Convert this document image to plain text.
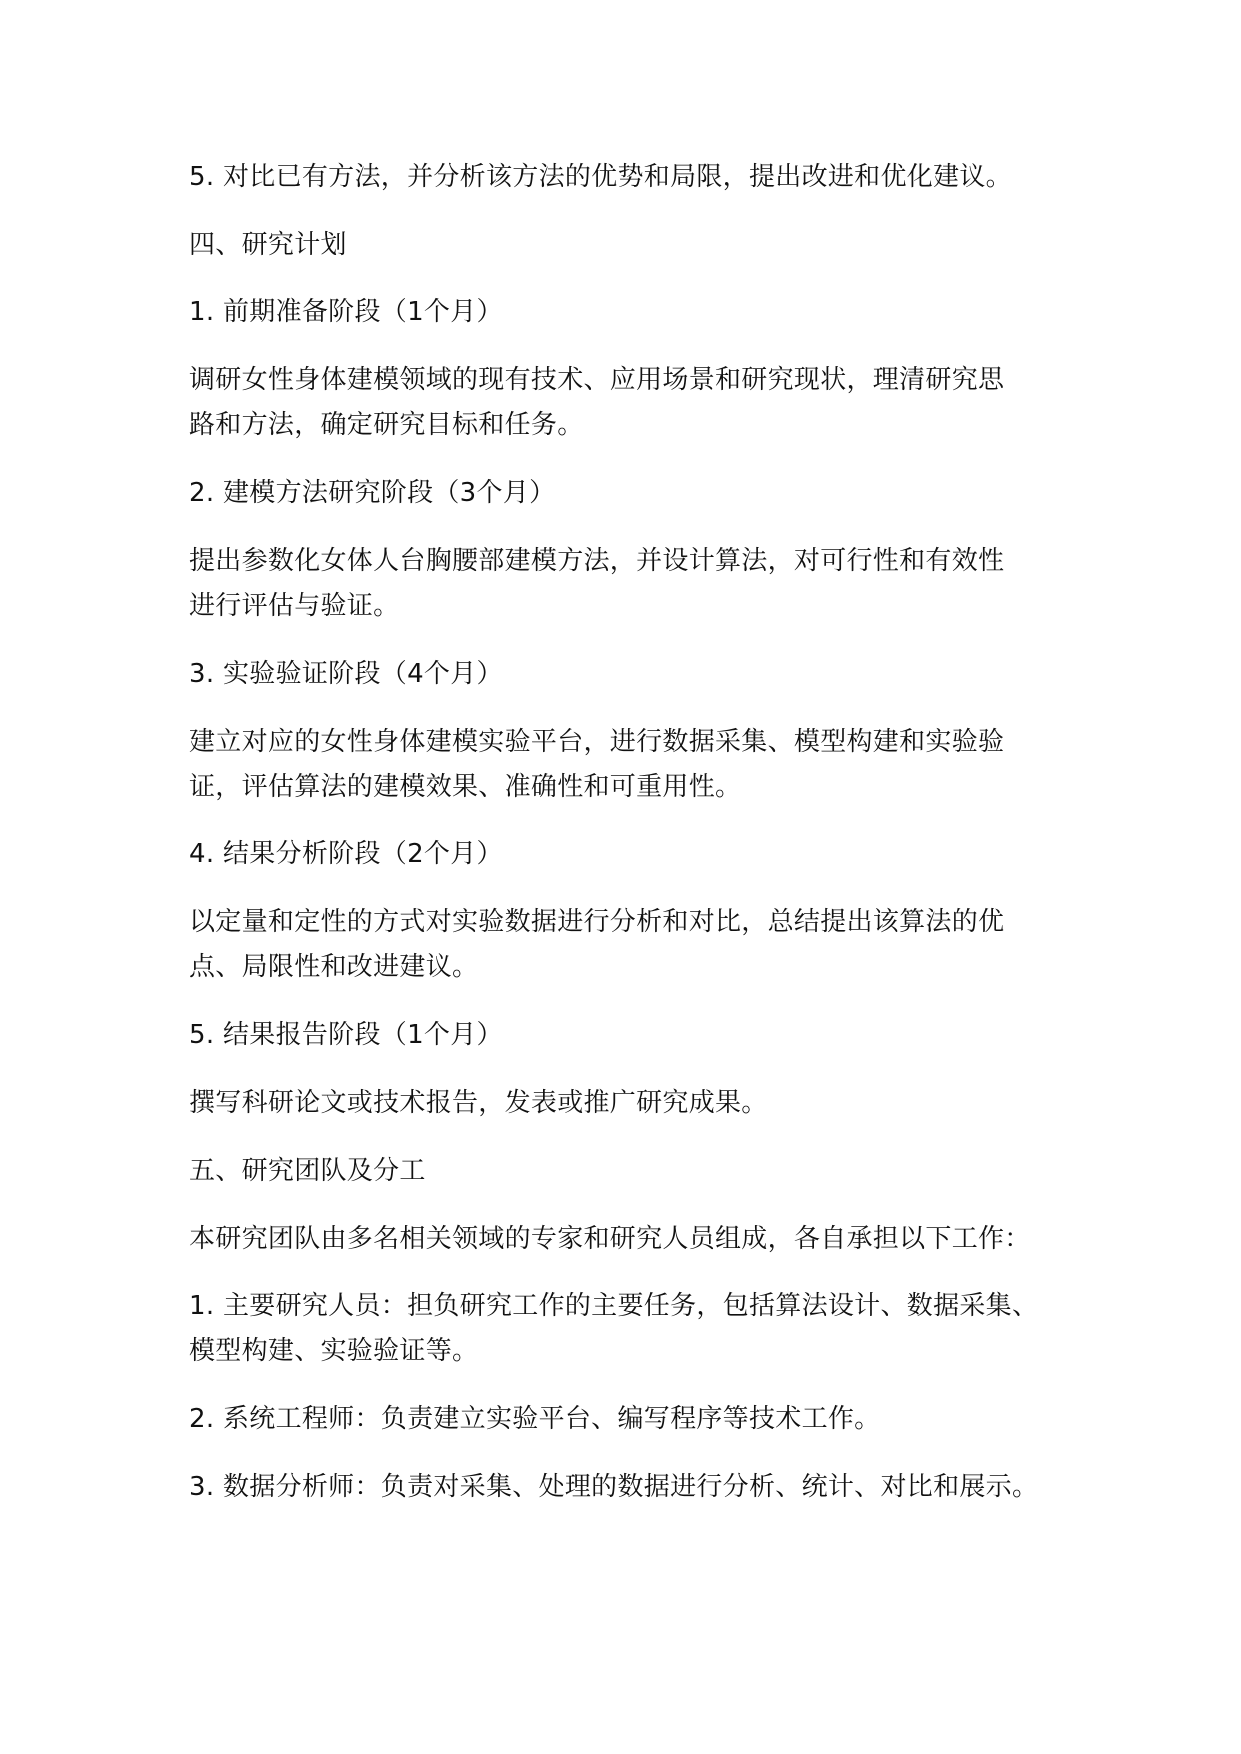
5. 对比已有方法，并分析该方法的优势和局限，提出改进和优化建议。
四、研究计划
1. 前期准备阶段（1个月）
调研女性身体建模领域的现有技术、应用场景和研究现状，理清研究思
路和方法，确定研究目标和任务。
2. 建模方法研究阶段（3个月）
提出参数化女体人台胸腰部建模方法，并设计算法，对可行性和有效性
进行评估与验证。
3. 实验验证阶段（4个月）
建立对应的女性身体建模实验平台，进行数据采集、模型构建和实验验
证，评估算法的建模效果、准确性和可重用性。
4. 结果分析阶段（2个月）
以定量和定性的方式对实验数据进行分析和对比，总结提出该算法的优
点、局限性和改进建议。
5. 结果报告阶段（1个月）
撰写科研论文或技术报告，发表或推广研究成果。
五、研究团队及分工
本研究团队由多名相关领域的专家和研究人员组成，各自承担以下工作：
1. 主要研究人员：担负研究工作的主要任务，包括算法设计、数据采集、
模型构建、实验验证等。
2. 系统工程师：负责建立实验平台、编写程序等技术工作。
3. 数据分析师：负责对采集、处理的数据进行分析、统计、对比和展示。
